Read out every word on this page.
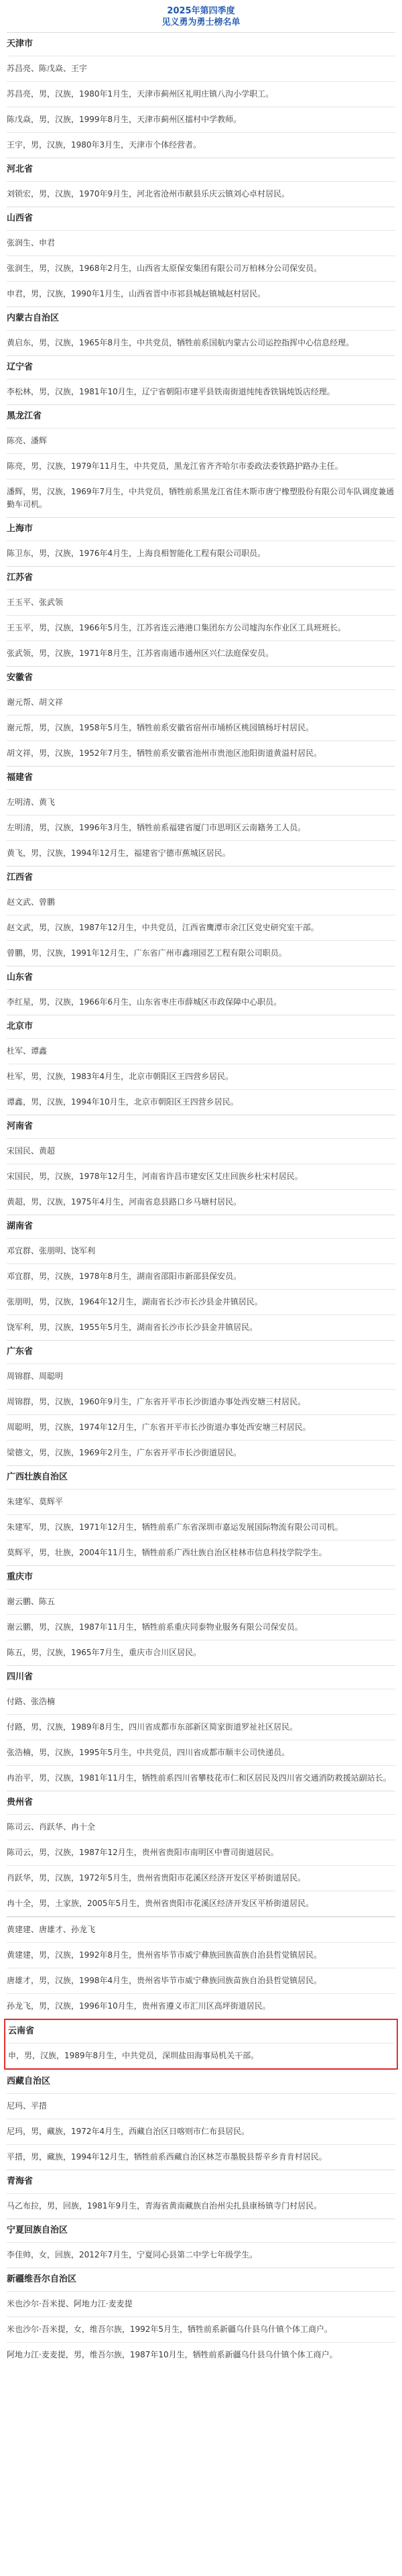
2025年第四季度
见义勇为勇士榜名单
天津市
苏昌亮、陈戊焱、王宇
苏昌亮，男，汉族，1980年1月生，天津市蓟州区礼明庄镇八沟小学职工。
陈戊焱，男，汉族，1999年8月生，天津市蓟州区擂村中学教师。
王宇，男，汉族，1980年3月生，天津市个体经营者。
河北省
刘锁宏，男，汉族，1970年9月生，河北省沧州市献县乐庆云镇刘心卓村居民。
山西省
张润生、申君
张润生，男，汉族，1968年2月生，山西省太原保安集团有限公司万柏林分公司保安员。
申君，男，汉族，1990年1月生，山西省晋中市祁县城赵镇城赵村居民。
内蒙古自治区
黄启东，男，汉族，1965年8月生，中共党员，牺牲前系国航内蒙古公司运控指挥中心信息经理。
辽宁省
李松林，男，汉族，1981年10月生，辽宁省朝阳市建平县铁南街道纯纯香铁锅炖饭店经理。
黑龙江省
陈亮、潘辉
陈亮，男，汉族，1979年11月生，中共党员，黑龙江省齐齐哈尔市委政法委铁路护路办主任。
潘辉，男，汉族，1969年7月生，中共党员，牺牲前系黑龙江省佳木斯市唐宁橡塑股份有限公司车队调度兼通勤车司机。
上海市
陈卫东，男，汉族，1976年4月生，上海良相智能化工程有限公司职员。
江苏省
王玉平、张武领
王玉平，男，汉族，1966年5月生，江苏省连云港港口集团东方公司墟沟东作业区工具班班长。
张武领，男，汉族，1971年8月生，江苏省南通市通州区兴仁法庭保安员。
安徽省
谢元帮、胡文祥
谢元帮，男，汉族，1958年5月生，牺牲前系安徽省宿州市埇桥区桃园镇杨圩村居民。
胡文祥，男，汉族，1952年7月生，牺牲前系安徽省池州市贵池区池阳街道黄溢村居民。
福建省
左明清、黄飞
左明清，男，汉族，1996年3月生，牺牲前系福建省厦门市思明区云南籍务工人员。
黄飞，男，汉族，1994年12月生，福建省宁德市蕉城区居民。
江西省
赵文武、曾鹏
赵文武，男，汉族，1987年12月生，中共党员，江西省鹰潭市余江区党史研究室干部。
曾鹏，男，汉族，1991年12月生，广东省广州市鑫翊园艺工程有限公司职员。
山东省
李红星，男，汉族，1966年6月生，山东省枣庄市薛城区市政保障中心职员。
北京市
杜军、谭鑫
杜军，男，汉族，1983年4月生，北京市朝阳区王四营乡居民。
谭鑫，男，汉族，1994年10月生，北京市朝阳区王四营乡居民。
河南省
宋国民、黄超
宋国民，男，汉族，1978年12月生，河南省许昌市建安区艾庄回族乡杜宋村居民。
黄超，男，汉族，1975年4月生，河南省息县路口乡马塘村居民。
湖南省
邓宜群、张朋明、饶军利
邓宜群，男，汉族，1978年8月生，湖南省邵阳市新邵县保安员。
张朋明，男，汉族，1964年12月生，湖南省长沙市长沙县金井镇居民。
饶军利，男，汉族，1955年5月生，湖南省长沙市长沙县金井镇居民。
广东省
周锦群、周聪明
周锦群，男，汉族，1960年9月生，广东省开平市长沙街道办事处西安塘三村居民。
周聪明，男，汉族，1974年12月生，广东省开平市长沙街道办事处西安塘三村居民。
梁德文，男，汉族，1969年2月生，广东省开平市长沙街道居民。
广西壮族自治区
朱建军、莫辉平
朱建军，男，汉族，1971年12月生，牺牲前系广东省深圳市嘉运发展国际物流有限公司司机。
莫辉平，男，壮族，2004年11月生，牺牲前系广西壮族自治区桂林市信息科技学院学生。
重庆市
谢云鹏、陈五
谢云鹏，男，汉族，1987年11月生，牺牲前系重庆同泰物业服务有限公司保安员。
陈五，男，汉族，1965年7月生，重庆市合川区居民。
四川省
付路、张浩楠
付路，男，汉族，1989年8月生，四川省成都市东部新区简家街道罗祉社区居民。
张浩楠，男，汉族，1995年5月生，中共党员，四川省成都市顺丰公司快递员。
冉治平，男，汉族，1981年11月生，牺牲前系四川省攀枝花市仁和区居民及四川省交通消防救援站副站长。
贵州省
陈司云、肖跃华、冉十全
陈司云，男，汉族，1987年12月生，贵州省贵阳市南明区中曹司街道居民。
肖跃华，男，汉族，1972年5月生，贵州省贵阳市花溪区经济开发区平桥街道居民。
冉十全，男，土家族，2005年5月生，贵州省贵阳市花溪区经济开发区平桥街道居民。
黄建建、唐雄才、孙龙飞
黄建建，男，汉族，1992年8月生，贵州省毕节市威宁彝族回族苗族自治县哲觉镇居民。
唐雄才，男，汉族，1998年4月生，贵州省毕节市威宁彝族回族苗族自治县哲觉镇居民。
孙龙飞，男，汉族，1996年10月生，贵州省遵义市汇川区高坪街道居民。
云南省
申，男，汉族，1989年8月生，中共党员，深圳盐田海事局机关干部。
西藏自治区
尼玛、平措
尼玛，男，藏族，1972年4月生，西藏自治区日喀则市仁布县居民。
平措，男，藏族，1994年12月生，牺牲前系西藏自治区林芝市墨脱县帮辛乡肯肯村居民。
青海省
马乙布拉，男，回族，1981年9月生，青海省黄南藏族自治州尖扎县康杨镇寺门村居民。
宁夏回族自治区
李佳帅，女，回族，2012年7月生，宁夏同心县第二中学七年级学生。
新疆维吾尔自治区
米也沙尔·吾米提、阿地力江·麦麦提
米也沙尔·吾米提，女，维吾尔族，1992年5月生，牺牲前系新疆乌什县乌什镇个体工商户。
阿地力江·麦麦提，男，维吾尔族，1987年10月生，牺牲前系新疆乌什县乌什镇个体工商户。
